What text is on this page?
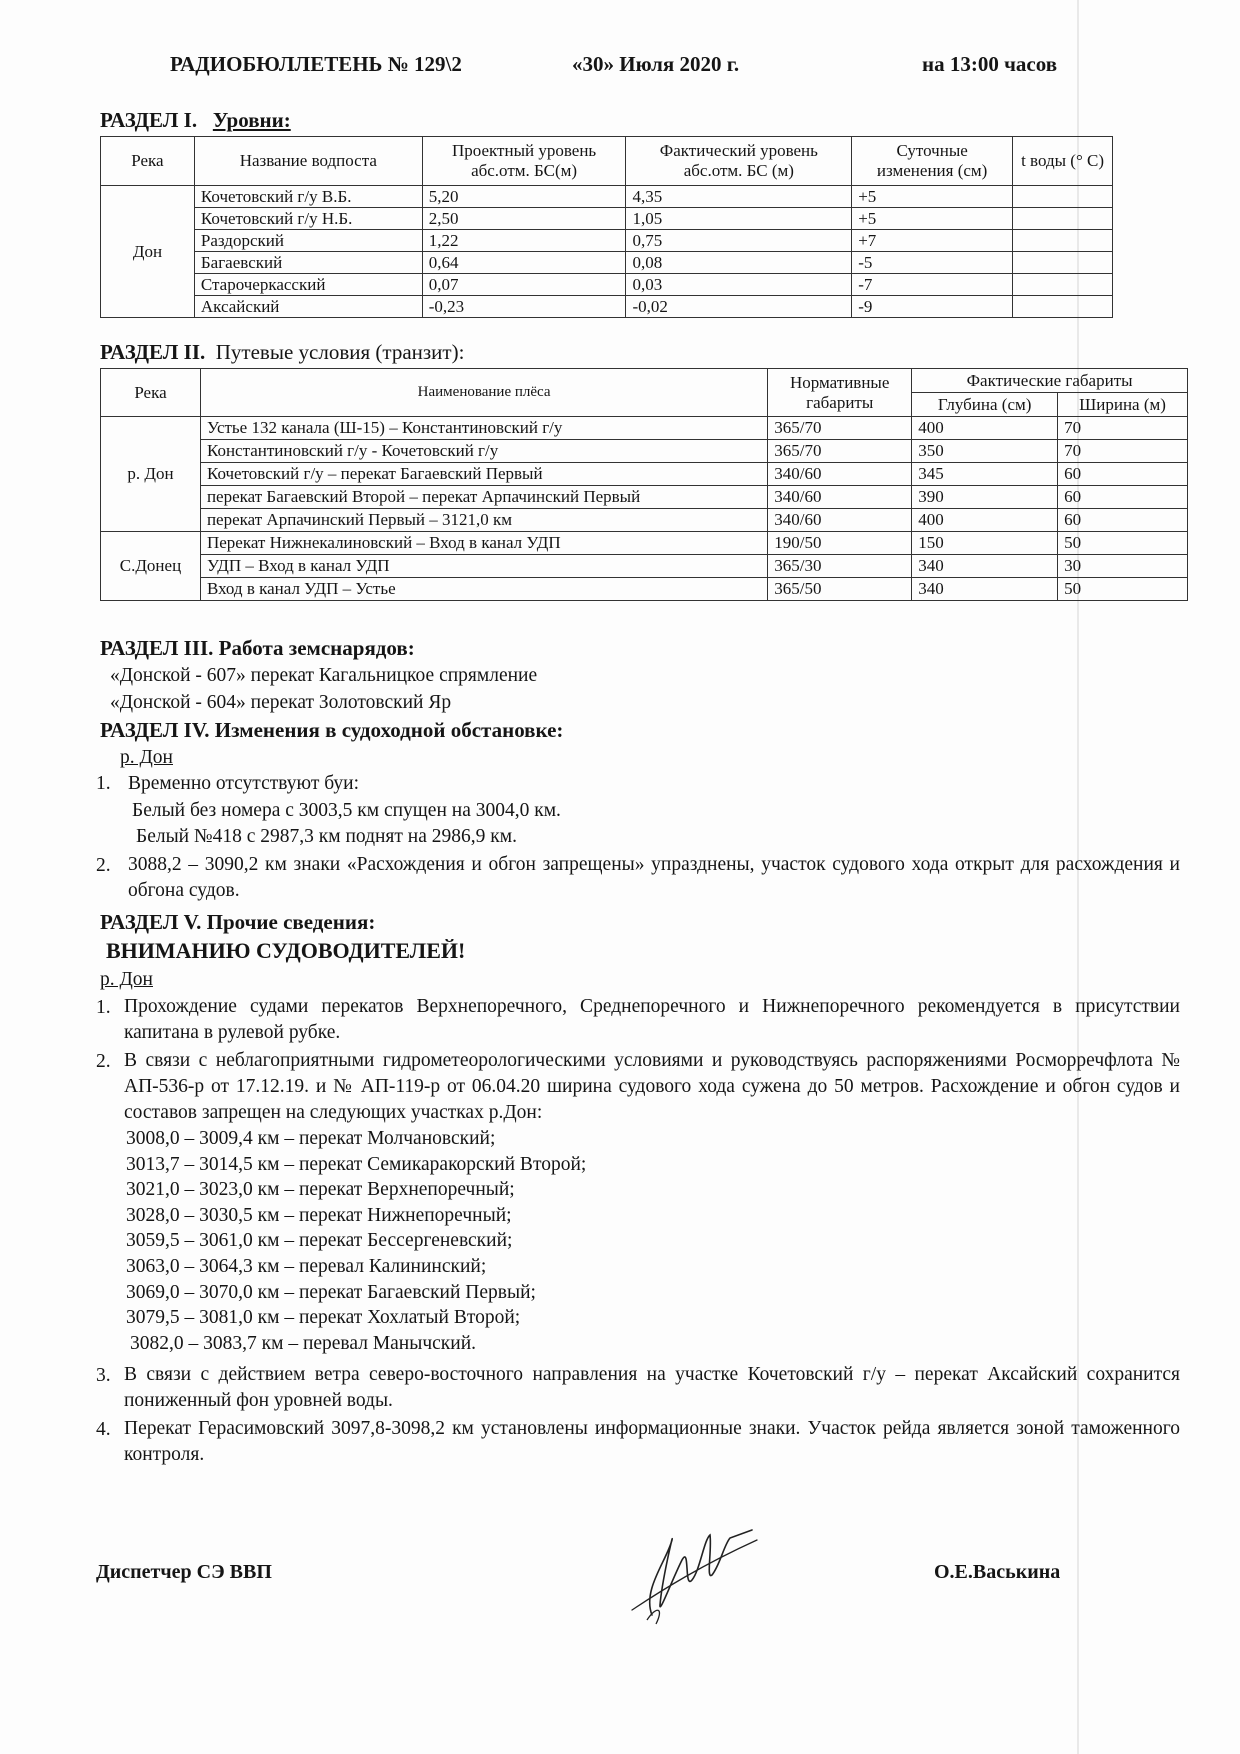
РАДИОБЮЛЛЕТЕНЬ № 129\2	«30» Июля 2020 г.	на 13:00 часов
РАЗДЕЛ I. Уровни:
Река	Название водпоста	Проектный уровень абс.отм. БС(м)	Фактический уровень абс.отм. БС (м)	Суточные изменения (см)	t воды (° С)
Дон	Кочетовский г/у В.Б.	5,20	4,35	+5	
	Кочетовский г/у Н.Б.	2,50	1,05	+5	
	Раздорский	1,22	0,75	+7	
	Багаевский	0,64	0,08	-5	
	Старочеркасский	0,07	0,03	-7	
	Аксайский	-0,23	-0,02	-9	
РАЗДЕЛ II. Путевые условия (транзит):
Река	Наименование плёса	Нормативные габариты	Фактические габариты	
			Глубина (см)	Ширина (м)
р. Дон	Устье 132 канала (Ш-15) – Константиновский г/у	365/70	400	70
	Константиновский г/у - Кочетовский г/у	365/70	350	70
	Кочетовский г/у – перекат Багаевский Первый	340/60	345	60
	перекат Багаевский Второй – перекат Арпачинский Первый	340/60	390	60
	перекат Арпачинский Первый – 3121,0 км	340/60	400	60
С.Донец	Перекат Нижнекалиновский – Вход в канал УДП	190/50	150	50
	УДП – Вход в канал УДП	365/30	340	30
	Вход в канал УДП – Устье	365/50	340	50
РАЗДЕЛ III. Работа земснарядов:
«Донской - 607» перекат Кагальницкое спрямление
«Донской - 604» перекат Золотовский Яр
РАЗДЕЛ IV. Изменения в судоходной обстановке:
р. Дон
1. Временно отсутствуют буи:
Белый без номера с 3003,5 км спущен на 3004,0 км.
Белый №418 с 2987,3 км поднят на 2986,9 км.
2. 3088,2 – 3090,2 км знаки «Расхождения и обгон запрещены» упразднены, участок судового хода открыт для расхождения и обгона судов.
РАЗДЕЛ V. Прочие сведения:
ВНИМАНИЮ СУДОВОДИТЕЛЕЙ!
р. Дон
1. Прохождение судами перекатов Верхнепоречного, Среднепоречного и Нижнепоречного рекомендуется в присутствии капитана в рулевой рубке.
2. В связи с неблагоприятными гидрометеорологическими условиями и руководствуясь распоряжениями Росморречфлота № АП-536-р от 17.12.19. и № АП-119-р от 06.04.20 ширина судового хода сужена до 50 метров. Расхождение и обгон судов и составов запрещен на следующих участках р.Дон:
3008,0 – 3009,4 км – перекат Молчановский;
3013,7 – 3014,5 км – перекат Семикаракорский Второй;
3021,0 – 3023,0 км – перекат Верхнепоречный;
3028,0 – 3030,5 км – перекат Нижнепоречный;
3059,5 – 3061,0 км – перекат Бессергеневский;
3063,0 – 3064,3 км – перевал Калининский;
3069,0 – 3070,0 км – перекат Багаевский Первый;
3079,5 – 3081,0 км – перекат Хохлатый Второй;
3082,0 – 3083,7 км – перевал Манычский.
3. В связи с действием ветра северо-восточного направления на участке Кочетовский г/у – перекат Аксайский сохранится пониженный фон уровней воды.
4. Перекат Герасимовский 3097,8-3098,2 км установлены информационные знаки. Участок рейда является зоной таможенного контроля.
Диспетчер СЭ ВВП	О.Е.Васькина
